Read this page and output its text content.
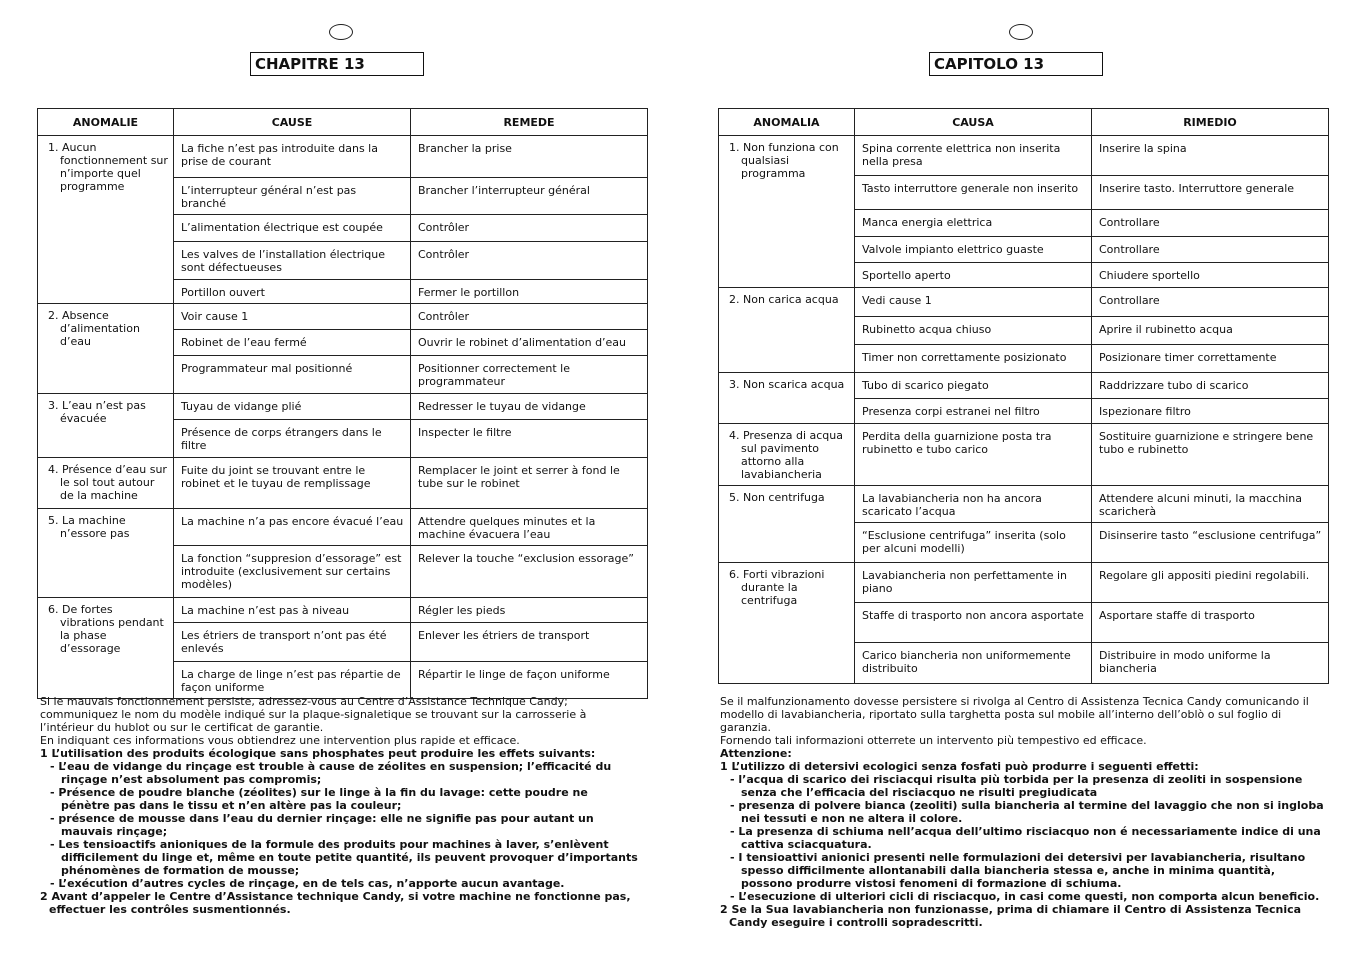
CHAPITRE 13
ANOMALIE	CAUSE	REMEDE

1. Aucun fonctionnement sur n’importe quel programme	La fiche n’est pas introduite dans la prise de courant	Brancher la prise
	L’interrupteur général n’est pas branché	Brancher l’interrupteur général
	L’alimentation électrique est coupée	Contrôler
	Les valves de l’installation électrique sont défectueuses	Contrôler
	Portillon ouvert	Fermer le portillon

2. Absence d’alimentation d’eau	Voir cause 1	Contrôler
	Robinet de l’eau fermé	Ouvrir le robinet d’alimentation d’eau
	Programmateur mal positionné	Positionner correctement le programmateur

3. L’eau n’est pas évacuée	Tuyau de vidange plié	Redresser le tuyau de vidange
	Présence de corps étrangers dans le filtre	Inspecter le filtre

4. Présence d’eau sur le sol tout autour de la machine	Fuite du joint se trouvant entre le robinet et le tuyau de remplissage	Remplacer le joint et serrer à fond le tube sur le robinet

5. La machine n’essore pas	La machine n’a pas encore évacué l’eau	Attendre quelques minutes et la machine évacuera l’eau
	La fonction “suppresion d’essorage” est introduite (exclusivement sur certains modèles)	Relever la touche “exclusion essorage”

6. De fortes vibrations pendant la phase d’essorage	La machine n’est pas à niveau	Régler les pieds
	Les étriers de transport n’ont pas été enlevés	Enlever les étriers de transport
	La charge de linge n’est pas répartie de façon uniforme	Répartir le linge de façon uniforme

Si le mauvais fonctionnement persiste, adressez-vous au Centre d’Assistance Technique Candy; communiquez le nom du modèle indiqué sur la plaque-signaletique se trouvant sur la carrosserie à l’intérieur du hublot ou sur le certificat de garantie.

En indiquant ces informations vous obtiendrez une intervention plus rapide et efficace.

1 L’utilisation des produits écologique sans phosphates peut produire les effets suivants:

- L’eau de vidange du rinçage est trouble à cause de zéolites en suspension; l’efficacité du rinçage n’est absolument pas compromis;
- Présence de poudre blanche (zéolites) sur le linge à la fin du lavage: cette poudre ne pénètre pas dans le tissu et n’en altère pas la couleur;
- présence de mousse dans l’eau du dernier rinçage: elle ne signifie pas pour autant un mauvais rinçage;
- Les tensioactifs anioniques de la formule des produits pour machines à laver, s’enlèvent difficilement du linge et, même en toute petite quantité, ils peuvent provoquer d’importants phénomènes de formation de mousse;
- L’exécution d’autres cycles de rinçage, en de tels cas, n’apporte aucun avantage.

2 Avant d’appeler le Centre d’Assistance technique Candy, si votre machine ne fonctionne pas, effectuer les contrôles susmentionnés.

CAPITOLO 13
ANOMALIA	CAUSA	RIMEDIO

1. Non funziona con qualsiasi programma	Spina corrente elettrica non inserita nella presa	Inserire la spina
	Tasto interruttore generale non inserito	Inserire tasto. Interruttore generale
	Manca energia elettrica	Controllare
	Valvole impianto elettrico guaste	Controllare
	Sportello aperto	Chiudere sportello

2. Non carica acqua	Vedi cause 1	Controllare
	Rubinetto acqua chiuso	Aprire il rubinetto acqua
	Timer non correttamente posizionato	Posizionare timer correttamente

3. Non scarica acqua	Tubo di scarico piegato	Raddrizzare tubo di scarico
	Presenza corpi estranei nel filtro	Ispezionare filtro

4. Presenza di acqua sul pavimento attorno alla lavabiancheria	Perdita della guarnizione posta tra rubinetto e tubo carico	Sostituire guarnizione e stringere bene tubo e rubinetto

5. Non centrifuga	La lavabiancheria non ha ancora scaricato l’acqua	Attendere alcuni minuti, la macchina scaricherà
	“Esclusione centrifuga” inserita (solo per alcuni modelli)	Disinserire tasto “esclusione centrifuga”

6. Forti vibrazioni durante la centrifuga	Lavabiancheria non perfettamente in piano	Regolare gli appositi piedini regolabili.
	Staffe di trasporto non ancora asportate	Asportare staffe di trasporto
	Carico biancheria non uniformemente distribuito	Distribuire in modo uniforme la biancheria

Se il malfunzionamento dovesse persistere si rivolga al Centro di Assistenza Tecnica Candy comunicando il modello di lavabiancheria, riportato sulla targhetta posta sul mobile all’interno dell’oblò o sul foglio di garanzia.

Fornendo tali informazioni otterrete un intervento più tempestivo ed efficace.

Attenzione:

1 L’utilizzo di detersivi ecologici senza fosfati può produrre i seguenti effetti:

- l’acqua di scarico dei risciacqui risulta più torbida per la presenza di zeoliti in sospensione senza che l’efficacia del risciacquo ne risulti pregiudicata
- presenza di polvere bianca (zeoliti) sulla biancheria al termine del lavaggio che non si ingloba nei tessuti e non ne altera il colore.
- La presenza di schiuma nell’acqua dell’ultimo risciacquo non é necessariamente indice di una cattiva sciacquatura.
- I tensioattivi anionici presenti nelle formulazioni dei detersivi per lavabiancheria, risultano spesso difficilmente allontanabili dalla biancheria stessa e, anche in minima quantità, possono produrre vistosi fenomeni di formazione di schiuma.
- L’esecuzione di ulteriori cicli di risciacquo, in casi come questi, non comporta alcun beneficio.

2 Se la Sua lavabiancheria non funzionasse, prima di chiamare il Centro di Assistenza Tecnica Candy eseguire i controlli sopradescritti.
